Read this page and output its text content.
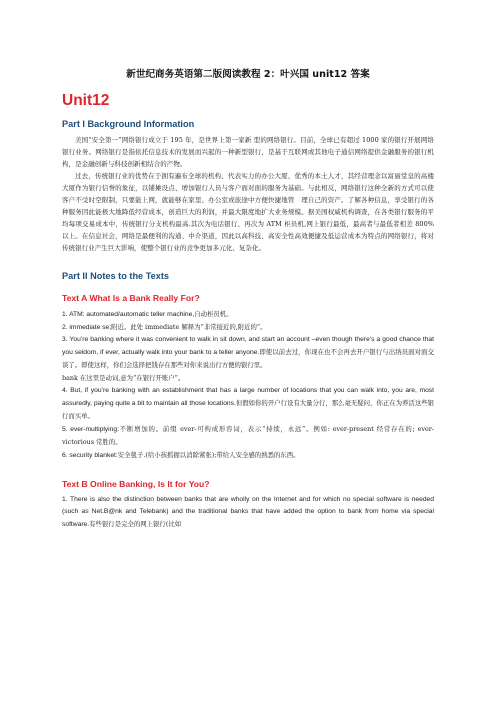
新世纪商务英语第二版阅读教程 2：叶兴国 unit12 答案
Unit12
Part I Background Information

美国“安全第一”网络银行成立于 195 年，是世界上第一家新 型的网络银行。目前，全球已有超过 1000 家的银行开展网络银行业务。网络银行是指依托信息技术的发展而兴起的一种新型银行，是基于互联网或其他电子通信网络提供金融服务的银行机构，是金融创新与科技创新相结合的产物。

过去，传统银行业的优势在于拥有遍布全球的机构、代表实力的办公大厦、优秀的本土人才，其经营理念以富丽堂皇的高楼大厦作为银行信誉的象征，以铺摊设点、增加银行人员与客户面对面的服务为基础。与此相反，网络银行这种全新的方式可以使客户不受时空限制，只要能上网，就能够在家里、办公室或旅途中方便快捷地管　理自己的资产。了解各种信息，享受银行的各种服务因此能极大地降低经营成本，创造巨大的利润，并最大限度地扩大业务规模。据美国权威机构调查，在各类银行服务的平均每项交易成本中，传统银行分支机构最高.其次为电话银行、再次为 ATM 柜员机,网上银行最低，最高者与最低者相差 800%以上。在信息社会，网络是最便利的沟通、中介渠道，因此以高科技、高安全性高效便捷及低运营成本为特点的网络银行，将对传统银行业产生巨大影响，使整个银行业的竞争更加多元化、复杂化。

Part II Notes to the Texts
Text A What Is a Bank Really For?

1. ATM: automated/automatic teller machine,自动柜员机。

2. immediate se;附近。此处 immediate 解释为“非常接近的,附近的”。

3. You’re banking where it was convenient to walk in sit down, and start an account –even though there’s a good chance that you seldom, if ever, actually walk into your bank to a teller anyone.即使以前去过，你现在也不会再去开户银行与出纳员面对面交谈了。即使这样，你们会选择把钱存在那些对你来说出行方便的银行里。

bank 在这里是动词,意为“在银行开账户”。

4. But, if you’re banking with an establishment that has a large number of locations that you can walk into, you are, most assuredly, paying quite a bit to maintain all those locations.但假如你的开户行设有大量分行，那么毫无疑问，你正在为养活这些银行而买单。

5. ever-multiplying:不断增加的。前缀 ever-可构成形容词，表示“持续，永远”。例如: ever-present 经常存在的; ever-victorious 常胜的。

6. security blanket:安全毯子.(给小孩抓握以消除紧张);带给人安全感的熟悉的东西。

Text B Online Banking, Is It for You?

1. There is also the distinction between banks that are wholly on the Internet and for which no special software is needed (such as Net.B@nk and Telebank) and the traditional banks that have added the option to bank from home via special software.有些银行是完全的网上银行(比如
